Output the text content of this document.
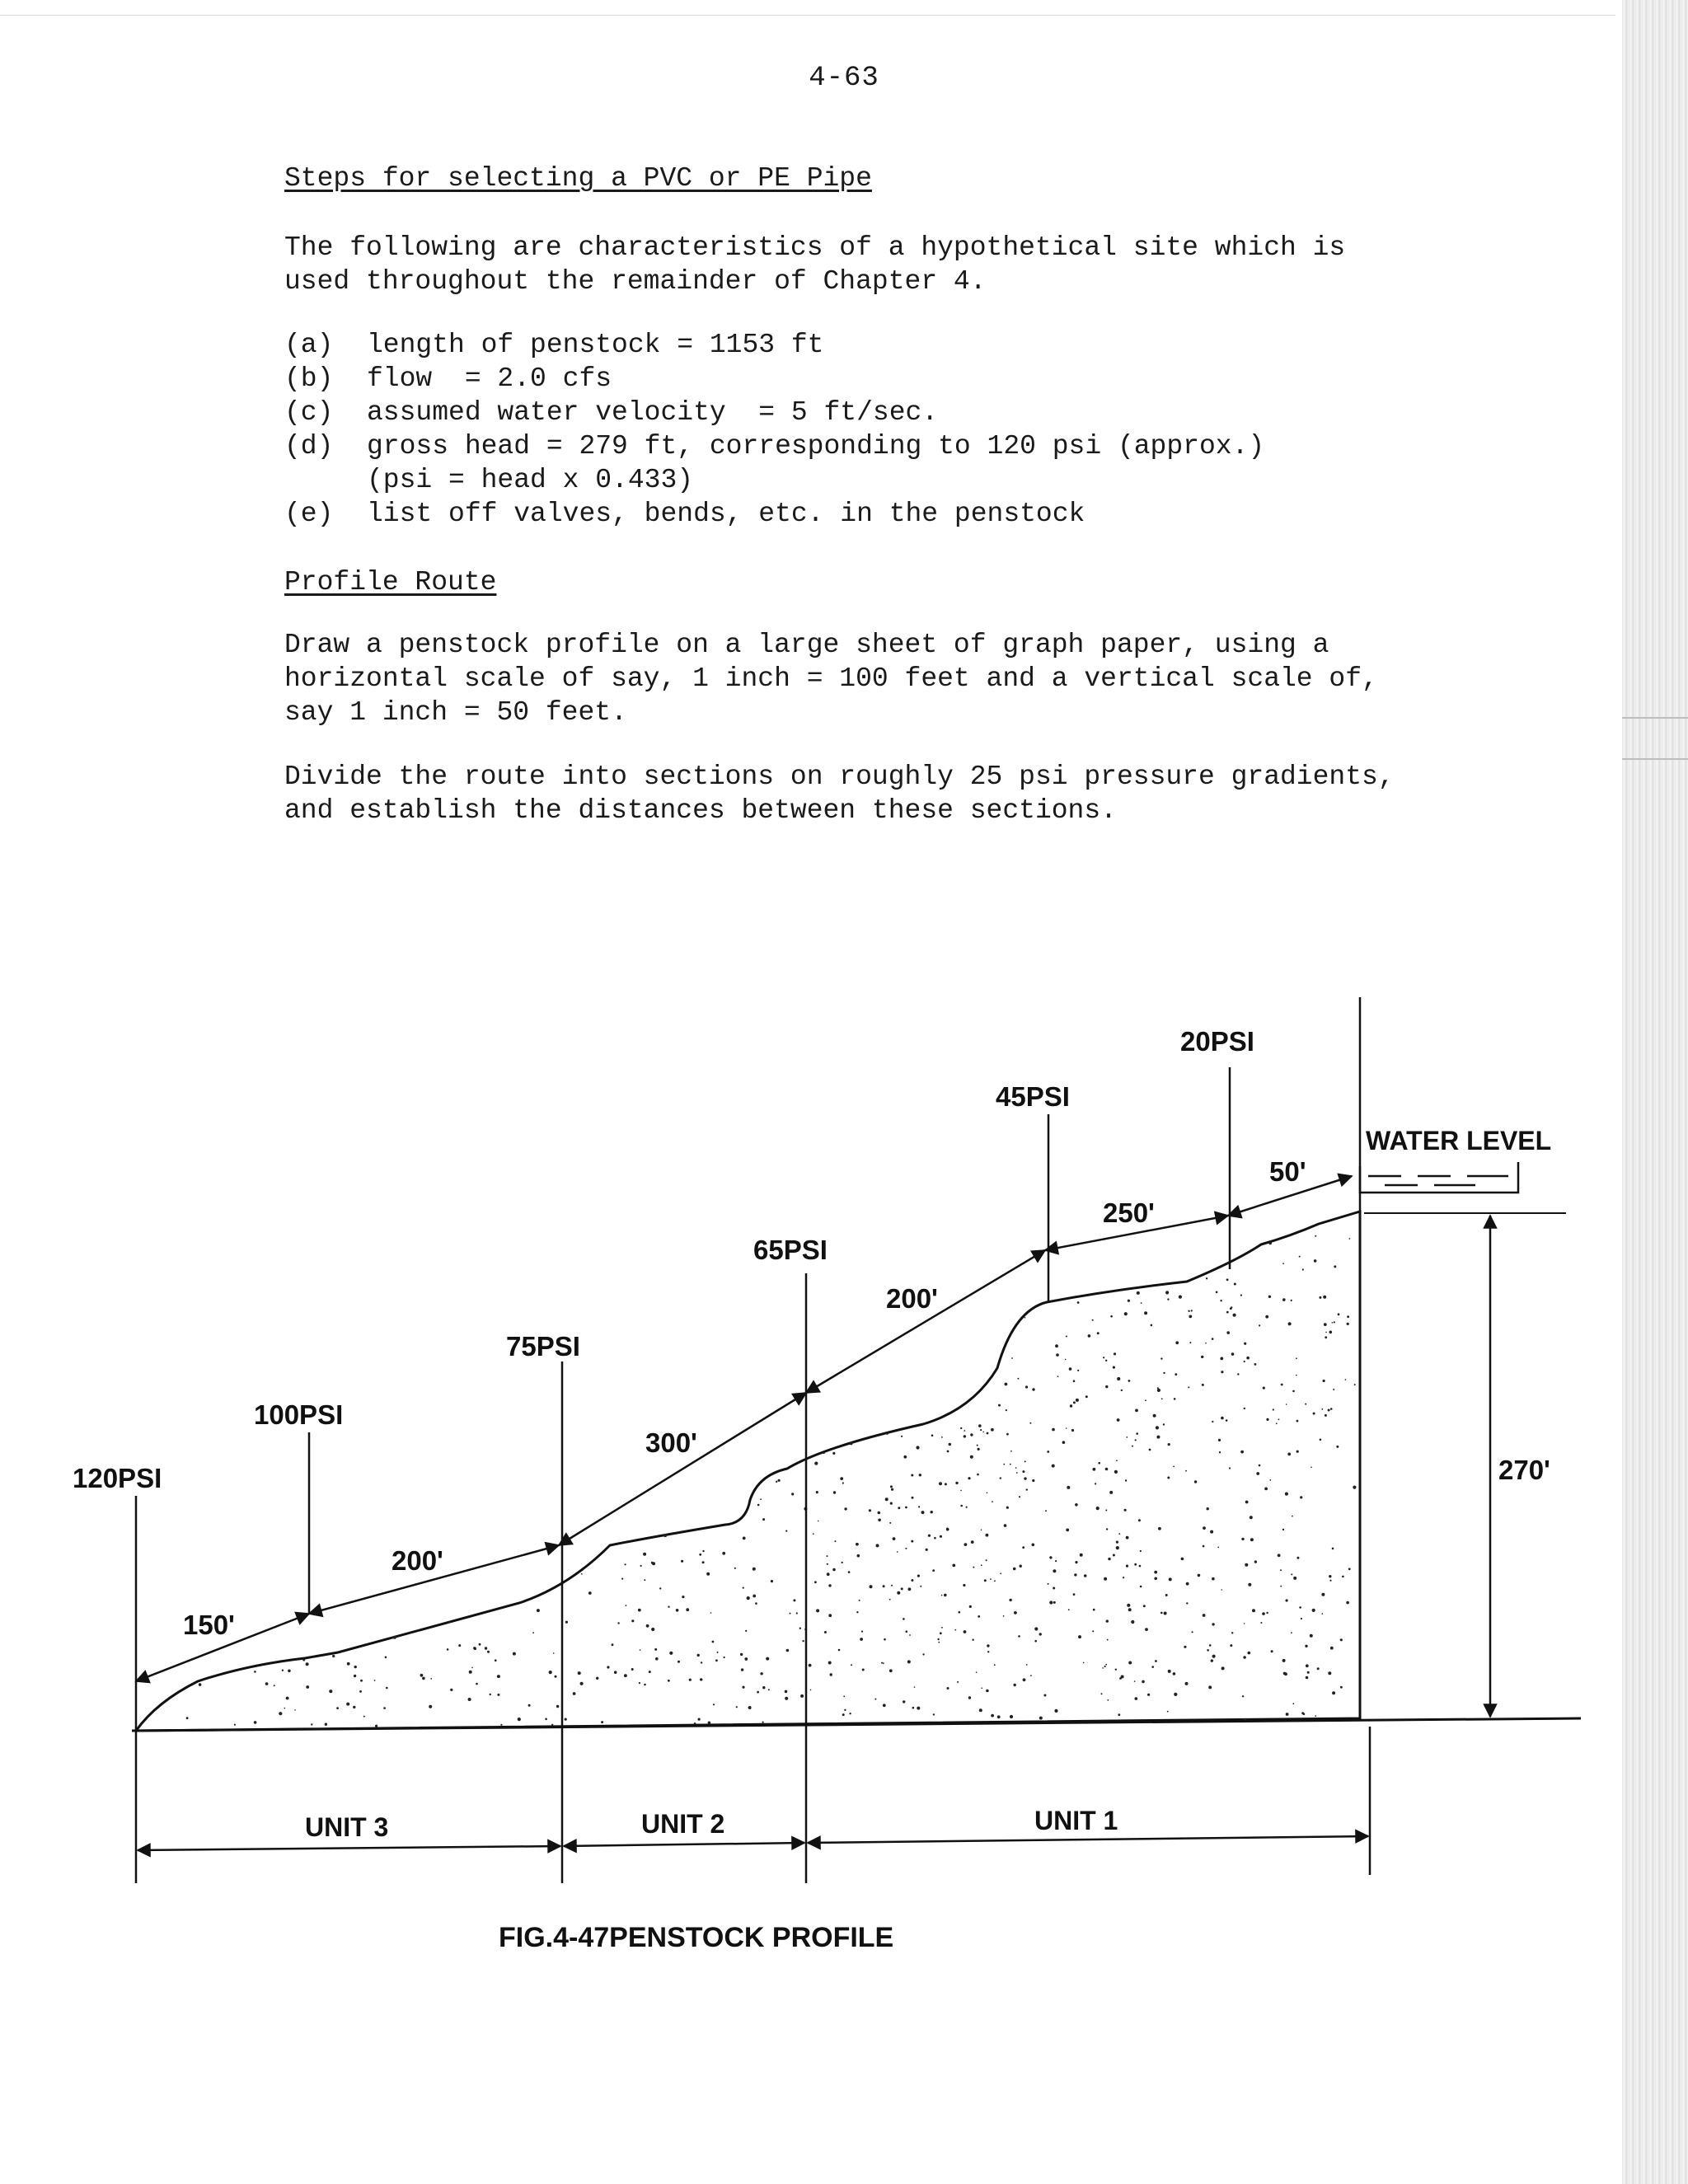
4-63
Steps for selecting a PVC or PE Pipe

The following are characteristics of a hypothetical site which is

used throughout the remainder of Chapter 4.

(a)	length of penstock = 1153 ft
(b)	flow  = 2.0 cfs
(c)	assumed water velocity  = 5 ft/sec.
(d)	gross head = 279 ft, corresponding to 120 psi (approx.)
(psi = head x 0.433)
(e)	list off valves, bends, etc. in the penstock
Profile Route

Draw a penstock profile on a large sheet of graph paper, using a

horizontal scale of say, 1 inch = 100 feet and a vertical scale of,

say 1 inch = 50 feet.

Divide the route into sections on roughly 25 psi pressure gradients,

and establish the distances between these sections.

120PSI
100PSI
75PSI
65PSI
45PSI
20PSI
150'
200'
300'
200'
250'
50'
WATER LEVEL
270'
UNIT 3	UNIT 2	UNIT 1
FIG.4-47PENSTOCK PROFILE
